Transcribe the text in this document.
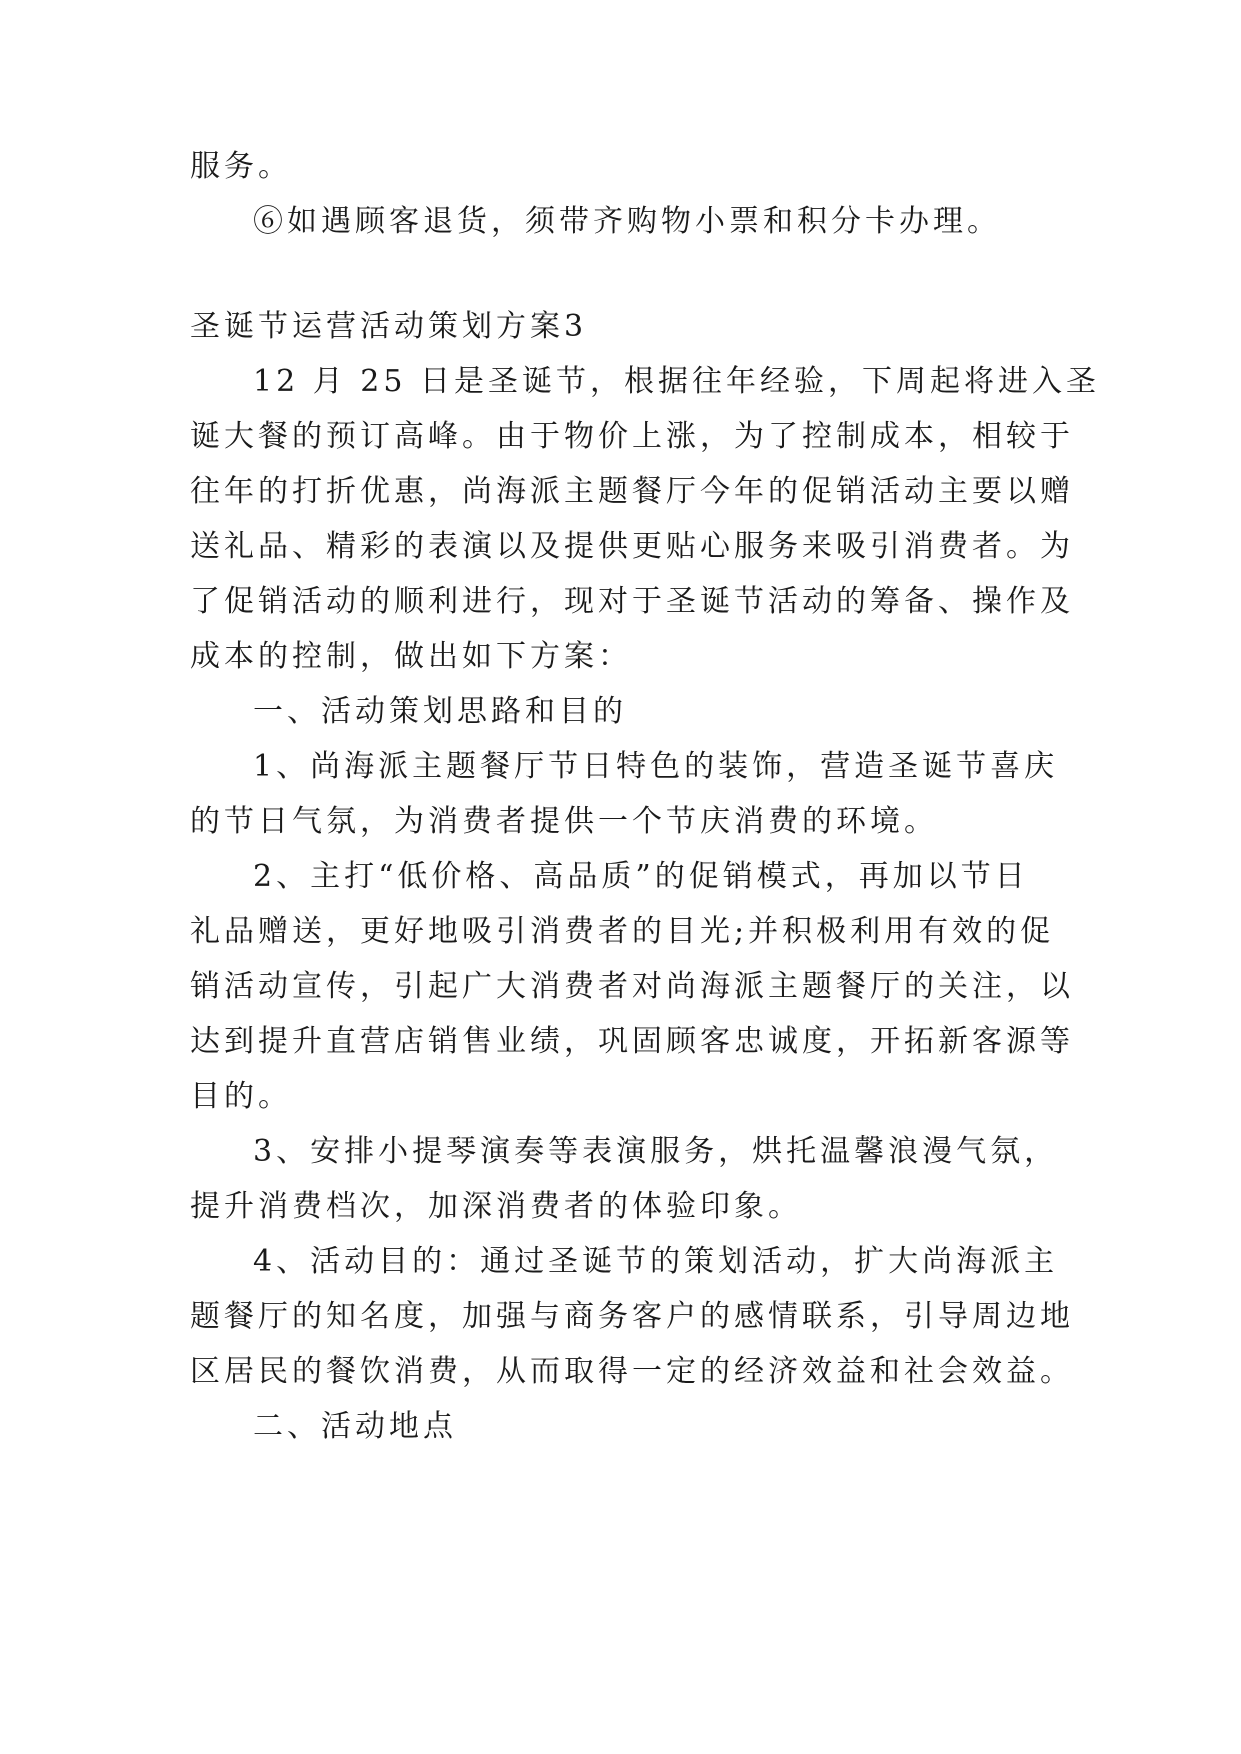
服务。
⑥如遇顾客退货，须带齐购物小票和积分卡办理。
圣诞节运营活动策划方案3
12 月 25 日是圣诞节，根据往年经验，下周起将进入圣
诞大餐的预订高峰。由于物价上涨，为了控制成本，相较于
往年的打折优惠，尚海派主题餐厅今年的促销活动主要以赠
送礼品、精彩的表演以及提供更贴心服务来吸引消费者。为
了促销活动的顺利进行，现对于圣诞节活动的筹备、操作及
成本的控制，做出如下方案：
一、活动策划思路和目的
1、尚海派主题餐厅节日特色的装饰，营造圣诞节喜庆
的节日气氛，为消费者提供一个节庆消费的环境。
2、主打“低价格、高品质”的促销模式，再加以节日
礼品赠送，更好地吸引消费者的目光;并积极利用有效的促
销活动宣传，引起广大消费者对尚海派主题餐厅的关注，以
达到提升直营店销售业绩，巩固顾客忠诚度，开拓新客源等
目的。
3、安排小提琴演奏等表演服务，烘托温馨浪漫气氛，
提升消费档次，加深消费者的体验印象。
4、活动目的：通过圣诞节的策划活动，扩大尚海派主
题餐厅的知名度，加强与商务客户的感情联系，引导周边地
区居民的餐饮消费，从而取得一定的经济效益和社会效益。
二、活动地点
